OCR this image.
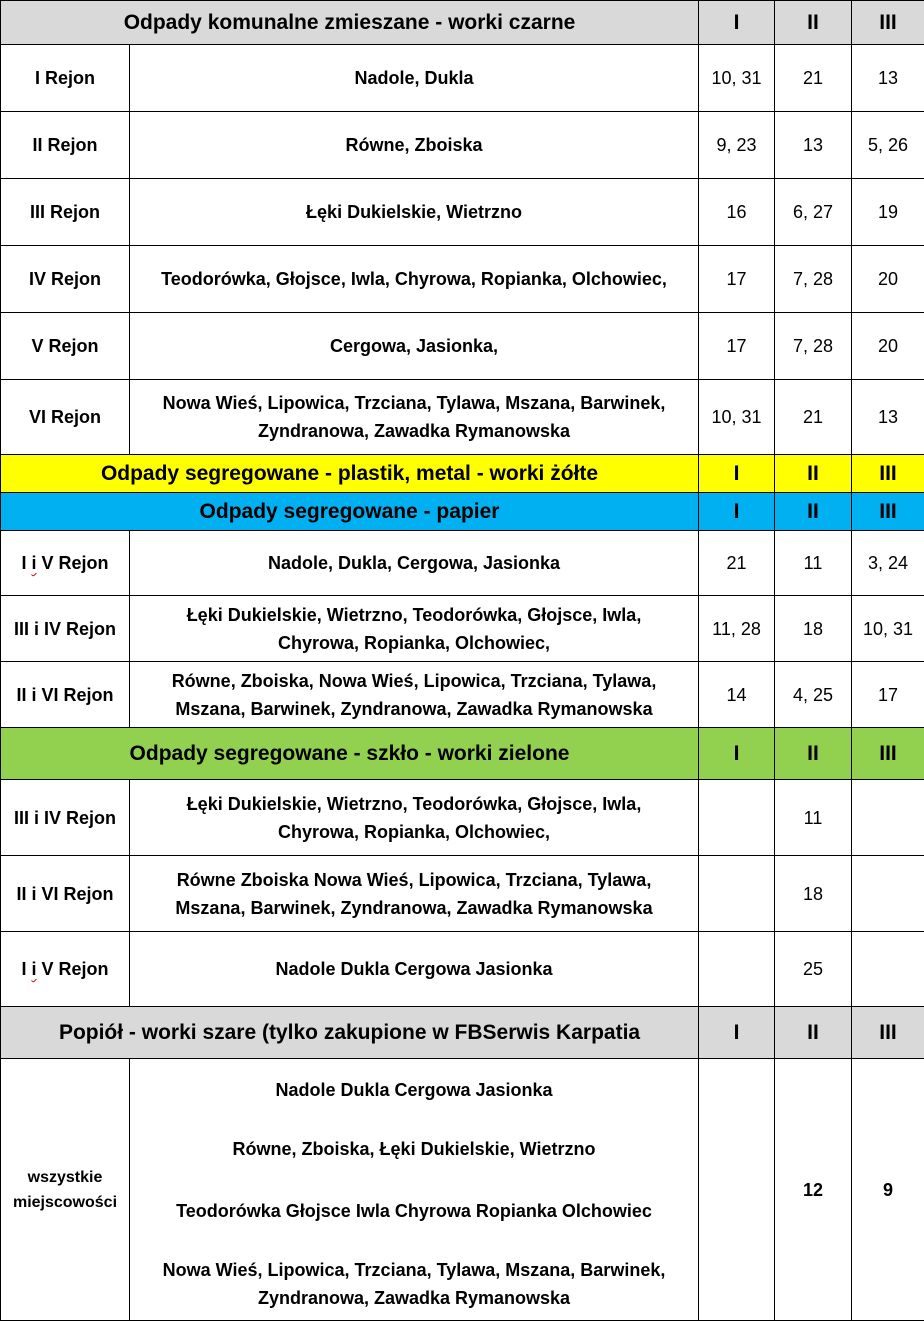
Odpady komunalne zmieszane - worki czarne		I	II	III
I Rejon	Nadole, Dukla	10, 31	21	13
II Rejon	Równe, Zboiska	9, 23	13	5, 26
III Rejon	Łęki Dukielskie, Wietrzno	16	6, 27	19
IV Rejon	Teodorówka, Głojsce, Iwla, Chyrowa, Ropianka, Olchowiec,	17	7, 28	20
V Rejon	Cergowa, Jasionka,	17	7, 28	20
VI Rejon	Nowa Wieś, Lipowica, Trzciana, Tylawa, Mszana, Barwinek,
Zyndranowa, Zawadka Rymanowska	10, 31	21	13
Odpady segregowane - plastik, metal - worki żółte		I	II	III
Odpady segregowane - papier		I	II	III
I i V Rejon	Nadole, Dukla, Cergowa, Jasionka	21	11	3, 24
III i IV Rejon	Łęki Dukielskie, Wietrzno, Teodorówka, Głojsce, Iwla,
Chyrowa, Ropianka, Olchowiec,	11, 28	18	10, 31
II i VI Rejon	Równe, Zboiska, Nowa Wieś, Lipowica, Trzciana, Tylawa,
Mszana, Barwinek, Zyndranowa, Zawadka Rymanowska	14	4, 25	17
Odpady segregowane - szkło - worki zielone		I	II	III
III i IV Rejon	Łęki Dukielskie, Wietrzno, Teodorówka, Głojsce, Iwla,
Chyrowa, Ropianka, Olchowiec,		11	
II i VI Rejon	Równe Zboiska Nowa Wieś, Lipowica, Trzciana, Tylawa,
Mszana, Barwinek, Zyndranowa, Zawadka Rymanowska		18	
I i V Rejon	Nadole Dukla Cergowa Jasionka		25	
Popiół - worki szare (tylko zakupione w FBSerwis Karpatia		I	II	III

wszystkie
miejscowości	Nadole Dukla Cergowa Jasionka
Równe, Zboiska, Łęki Dukielskie, Wietrzno
Teodorówka Głojsce Iwla Chyrowa Ropianka Olchowiec
Nowa Wieś, Lipowica, Trzciana, Tylawa, Mszana, Barwinek,
Zyndranowa, Zawadka Rymanowska		12	9
